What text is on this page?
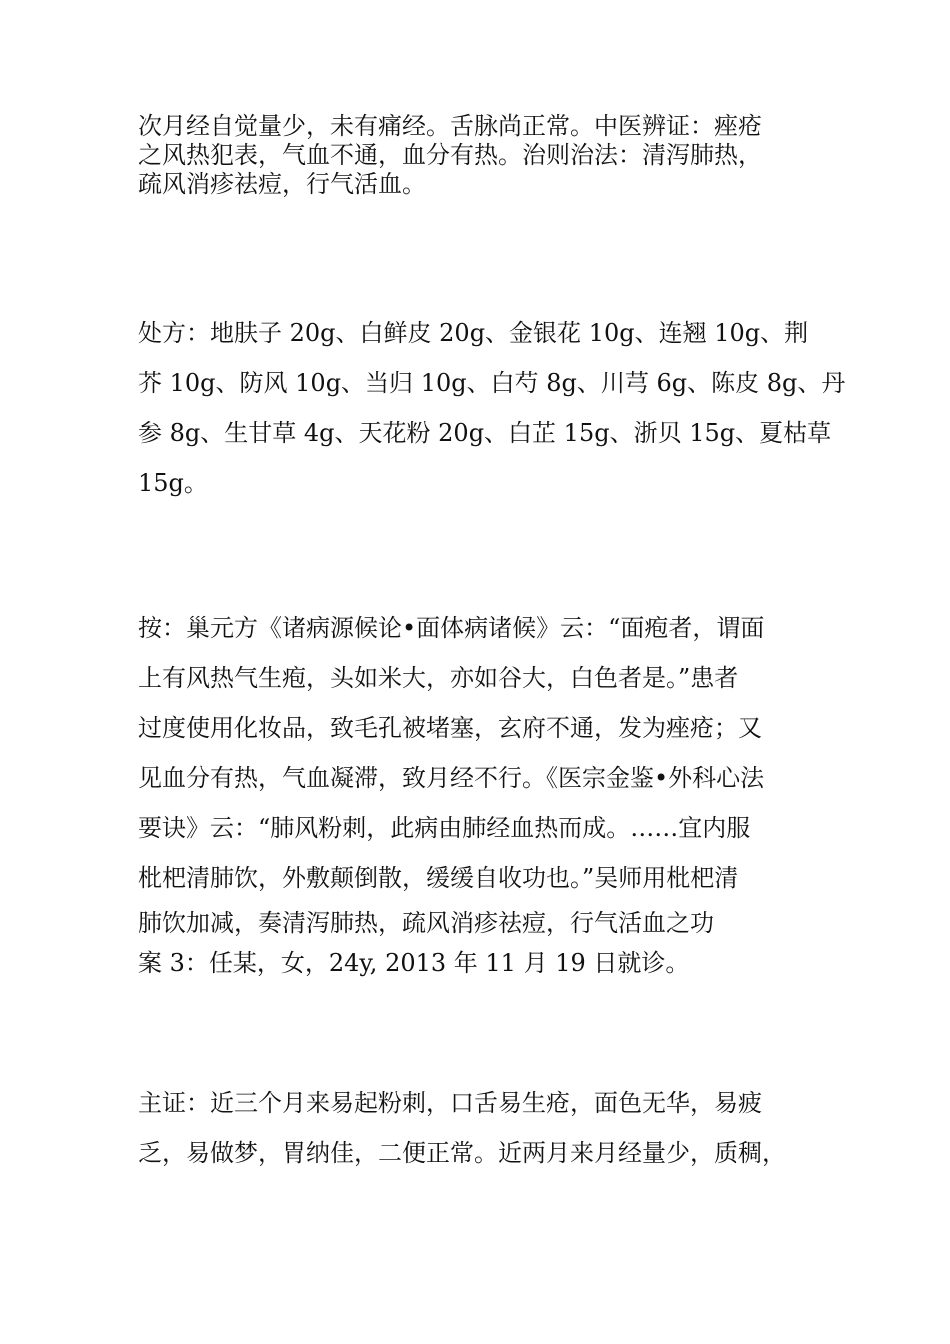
次月经自觉量少，未有痛经。舌脉尚正常。中医辨证：痤疮
之风热犯表，气血不通，血分有热。治则治法：清泻肺热，
疏风消疹祛痘，行气活血。

处方：地肤子 20g、白鲜皮 20g、金银花 10g、连翘 10g、荆
芥 10g、防风 10g、当归 10g、白芍 8g、川芎 6g、陈皮 8g、丹
参 8g、生甘草 4g、天花粉 20g、白芷 15g、浙贝 15g、夏枯草
15g。

按：巢元方《诸病源候论•面体病诸候》云：“面疱者，谓面
上有风热气生疱，头如米大，亦如谷大，白色者是。”患者
过度使用化妆品，致毛孔被堵塞，玄府不通，发为痤疮；又
见血分有热，气血凝滞，致月经不行。《医宗金鉴•外科心法
要诀》云：“肺风粉刺，此病由肺经血热而成。……宜内服
枇杷清肺饮，外敷颠倒散，缓缓自收功也。”吴师用枇杷清
肺饮加减，奏清泻肺热，疏风消疹祛痘，行气活血之功
案 3：任某，女，24y, 2013 年 11 月 19 日就诊。

主证：近三个月来易起粉刺，口舌易生疮，面色无华，易疲
乏，易做梦，胃纳佳，二便正常。近两月来月经量少，质稠，
